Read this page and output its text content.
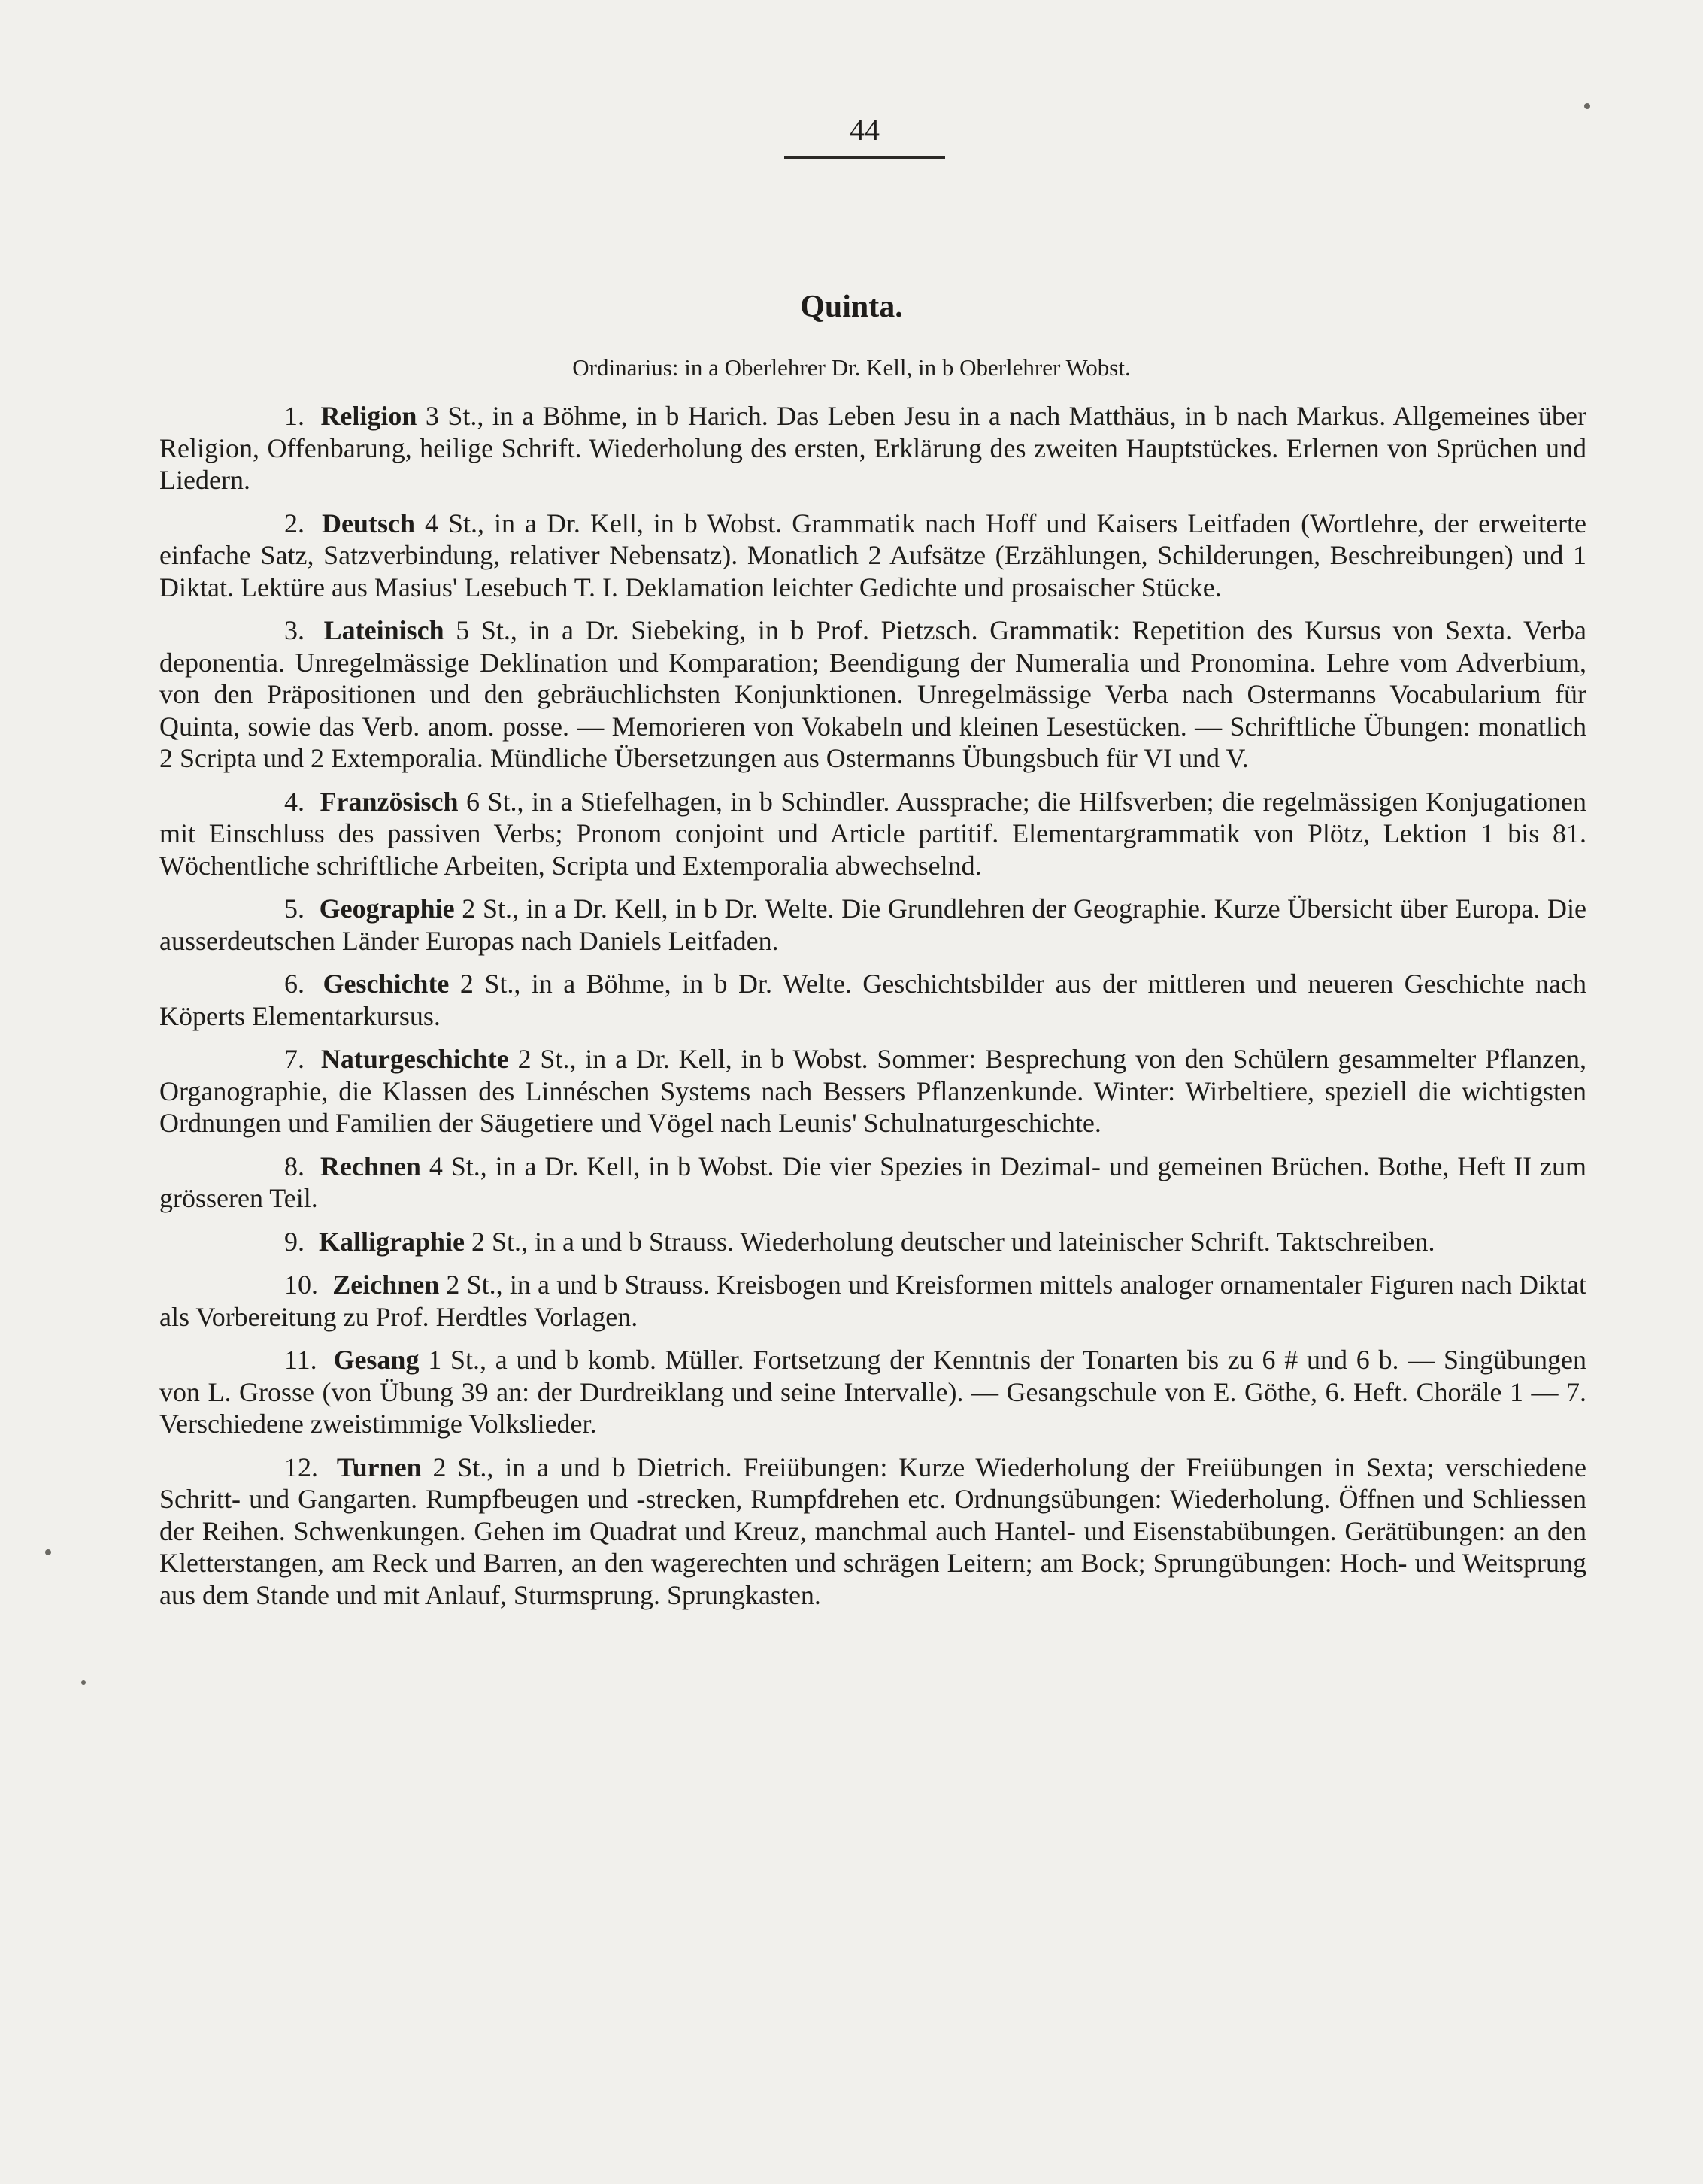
44
Quinta.
Ordinarius: in a Oberlehrer Dr. Kell, in b Oberlehrer Wobst.

1. Religion 3 St., in a Böhme, in b Harich. Das Leben Jesu in a nach Matthäus, in b nach Markus. Allgemeines über Religion, Offenbarung, heilige Schrift. Wiederholung des ersten, Erklärung des zweiten Hauptstückes. Erlernen von Sprüchen und Liedern.

2. Deutsch 4 St., in a Dr. Kell, in b Wobst. Grammatik nach Hoff und Kaisers Leitfaden (Wortlehre, der erweiterte einfache Satz, Satzverbindung, relativer Nebensatz). Monatlich 2 Aufsätze (Erzählungen, Schilderungen, Beschreibungen) und 1 Diktat. Lektüre aus Masius' Lesebuch T. I. Deklamation leichter Gedichte und prosaischer Stücke.

3. Lateinisch 5 St., in a Dr. Siebeking, in b Prof. Pietzsch. Grammatik: Repetition des Kursus von Sexta. Verba deponentia. Unregelmässige Deklination und Komparation; Beendigung der Numeralia und Pronomina. Lehre vom Adverbium, von den Präpositionen und den gebräuchlichsten Konjunktionen. Unregelmässige Verba nach Ostermanns Vocabularium für Quinta, sowie das Verb. anom. posse. — Memorieren von Vokabeln und kleinen Lesestücken. — Schriftliche Übungen: monatlich 2 Scripta und 2 Extemporalia. Mündliche Übersetzungen aus Ostermanns Übungsbuch für VI und V.

4. Französisch 6 St., in a Stiefelhagen, in b Schindler. Aussprache; die Hilfsverben; die regelmässigen Konjugationen mit Einschluss des passiven Verbs; Pronom conjoint und Article partitif. Elementargrammatik von Plötz, Lektion 1 bis 81. Wöchentliche schriftliche Arbeiten, Scripta und Extemporalia abwechselnd.

5. Geographie 2 St., in a Dr. Kell, in b Dr. Welte. Die Grundlehren der Geographie. Kurze Übersicht über Europa. Die ausserdeutschen Länder Europas nach Daniels Leitfaden.

6. Geschichte 2 St., in a Böhme, in b Dr. Welte. Geschichtsbilder aus der mittleren und neueren Geschichte nach Köperts Elementarkursus.

7. Naturgeschichte 2 St., in a Dr. Kell, in b Wobst. Sommer: Besprechung von den Schülern gesammelter Pflanzen, Organographie, die Klassen des Linnéschen Systems nach Bessers Pflanzenkunde. Winter: Wirbeltiere, speziell die wichtigsten Ordnungen und Familien der Säugetiere und Vögel nach Leunis' Schulnaturgeschichte.

8. Rechnen 4 St., in a Dr. Kell, in b Wobst. Die vier Spezies in Dezimal- und gemeinen Brüchen. Bothe, Heft II zum grösseren Teil.

9. Kalligraphie 2 St., in a und b Strauss. Wiederholung deutscher und lateinischer Schrift. Taktschreiben.

10. Zeichnen 2 St., in a und b Strauss. Kreisbogen und Kreisformen mittels analoger ornamentaler Figuren nach Diktat als Vorbereitung zu Prof. Herdtles Vorlagen.

11. Gesang 1 St., a und b komb. Müller. Fortsetzung der Kenntnis der Tonarten bis zu 6 # und 6 b. — Singübungen von L. Grosse (von Übung 39 an: der Durdreiklang und seine Intervalle). — Gesangschule von E. Göthe, 6. Heft. Choräle 1 — 7. Verschiedene zweistimmige Volkslieder.

12. Turnen 2 St., in a und b Dietrich. Freiübungen: Kurze Wiederholung der Freiübungen in Sexta; verschiedene Schritt- und Gangarten. Rumpfbeugen und -strecken, Rumpfdrehen etc. Ordnungsübungen: Wiederholung. Öffnen und Schliessen der Reihen. Schwenkungen. Gehen im Quadrat und Kreuz, manchmal auch Hantel- und Eisenstabübungen. Gerätübungen: an den Kletterstangen, am Reck und Barren, an den wagerechten und schrägen Leitern; am Bock; Sprungübungen: Hoch- und Weitsprung aus dem Stande und mit Anlauf, Sturmsprung. Sprungkasten.
